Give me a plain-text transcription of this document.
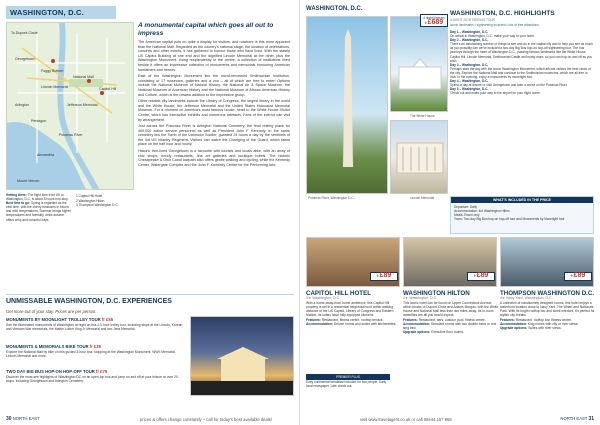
WASHINGTON, D.C.
To Dupont Circle
Georgetown
Foggy Bottom
Lincoln Memorial
National Mall
Capitol Hill
Arlington
Pentagon
Jefferson Memorial
Potomac River
Alexandria
Mount Vernon
1 Capitol Hill Hotel
2 Washington Hilton
3 Thompson Washington D.C.
Getting there: The flight time from UK to Washington, D.C. is about 8 hours non-stop.
Best time to go: Spring is regarded as the best time, with the cherry blossoms in bloom and mild temperatures. Summer brings higher temperatures and humidity, while autumn offers crisp and colourful days.
A monumental capital which goes all out to impress

The American capital puts on quite a display for visitors, and nowhere is this more apparent than the National Mall. Regarded as the country's national stage, the location of celebrations, concerts and other events, it has gathered to honour those who have lived. With the stately US Capitol Building at one end and the dignified Lincoln Memorial at the other, plus the Washington Monument, rising resplendently in the centre, a collection of institutions lined beside it offers an impressive collection of monuments and memorials honouring American forefathers and heroes.

East of the Washington Monument lies the world-renowned Smithsonian Institution, consisting of 17 museums, galleries and a zoo – all of which are free to enter! Options include the National Museum of Natural History, the National Air & Space Museum, the National Museum of American History and the National Museum of African American History and Culture, which is the newest addition to the impressive group.

Other notable city landmarks include the Library of Congress, the largest library in the world and the White House, the Jefferson Memorial and the United States Holocaust Memorial Museum. For a moment on America's most famous house, head to the White House Visitor Centre, which has interactive exhibits and numerous artefacts. Fans of the interior can visit by arrangement.

Just across the Potomac River is Arlington National Cemetery, the final resting place for 400,000 active service personnel as well as President John F Kennedy. In the same cemetery lies the Tomb of the Unknown Soldier, guarded 24 hours a day by the sentinels of the 3rd US Infantry Regiment. Visitors can watch the Changing of the Guard, which takes place on the half hour and hourly.

Historic tree-lined Georgetown is a favourite with tourists and locals alike, with an array of chic shops, trendy restaurants, fine art galleries and boutique hotels. The historic Chesapeake & Ohio Canal towpath also offers gentle walking and cycling, while the Kennedy Center, Watergate Complex and the John F. Kennedy Centre for the Performing Arts.

UNMISSABLE WASHINGTON, D.C. EXPERIENCES
Get more out of your stay. Prices are per person.
MONUMENTS BY MOONLIGHT TROLLEY TOUR fr £55
See the illuminated monuments of Washington at night on this 2.5-hour trolley tour, including stops at the Lincoln, Korean and Vietnam War memorials, the Martin Luther King Jr Memorial and Iwo Jima Memorial.
MONUMENTS & MEMORIALS BIKE TOUR fr £39
Explore the National Mall by bike on this guided 3-hour tour, stopping at the Washington Monument, WWII Memorial, Lincoln Memorial and more.
TWO DAY BIG BUS HOP-ON HOP-OFF TOUR fr £79
Discover the must-see highlights of Washington DC on an open-top bus and jump on and off at your leisure at over 20 stops, including Georgetown and Arlington Cemetery.
30 NORTH EAST	prices & offers change constantly – call for today's best available deals!
WASHINGTON, D.C.
The White House
Potomac River, Washington D.C.	Lincoln Memorial
4 night itinerary
fr £689
WASHINGTON, D.C. HIGHLIGHTS
4 NIGHT SIGHTSEEING TOUR
iconic landmarks • sightseeing included • lots of free attractions
Day 1 – Washington, D.C.
On arrival in Washington, D.C. make your way to your hotel.
Day 2 – Washington, D.C.
There's an astonishing number of things to see and do in the capital city and to help you see as much as you possibly can we've included a two-day Big Bus hop-on hop-off sightseeing tour. The bus journeys through the heart of Washington D.C., passing famous landmarks like the White House, Capitol Hill, Lincoln Memorial, Smithsonian Castle and many more, so you can hop on and off as you wish.
Day 3 – Washington, D.C.
Perhaps start the day with the iconic Washington Monument, which affords visitors the best views of the city. Explore the National Mall and continue to the Smithsonian museums, which are all free to visit. In the evening, enjoy a monuments by moonlight tour.
Day 4 – Washington, D.C.
Spend a day at leisure or visit Georgetown and take a cruise on the Potomac River.
Day 5 – Washington, D.C.
Check out and make your way to the airport for your flight home.
WHAT'S INCLUDED IN THE PRICE
Departure: Daily
Accommodation: 4nt Washington Hilton
Meals: Room only
Tours: Two-day Big Bus hop-on hop-off tour and Monuments by Moonlight tour
fr £89	fr £89	fr £89
CAPITOL HILL HOTEL
3★ Washington, D.C.
With a home-away-from-home ambience, this Capitol Hill property is set in a residential neighbourhood within walking distance of the US Capitol, Library of Congress and Eastern Market. Its suites have fully equipped kitchens.
Features: Restaurant, fitness centre, rooftop terrace.
Accommodation: Deluxe rooms and suites with kitchenettes.
PREMIER PLUS
Early continental breakfast included for two people. Daily local newspaper. Late check out.
WASHINGTON HILTON
4★ Washington, D.C.
This iconic hotel can be found on Upper Connecticut Avenue, within blocks of Dupont Circle and Adams Morgan, with the White House and National Mall less than two miles away. Its in-room amenities are all you would expect.
Features: Restaurant, bars, outdoor pool, fitness centre.
Accommodation: Standard rooms with two double beds or one king bed.
Upgrade options: Executive floor rooms.
THOMPSON WASHINGTON D.C.
4★ Navy Yard, Washington, D.C.
A collection of handsomely designed rooms, this hotel enjoys a waterfront location close to Navy Yard, The Wharf and Nationals Park. With its bright rooftop bar and sleek interiors, it's perfect for stylish city breaks.
Features: Restaurant, rooftop bar, fitness centre.
Accommodation: King rooms with city or river views.
Upgrade options: Suites with river views.
visit www.travelagent.co.uk or call 08444 157 868	NORTH EAST 31
